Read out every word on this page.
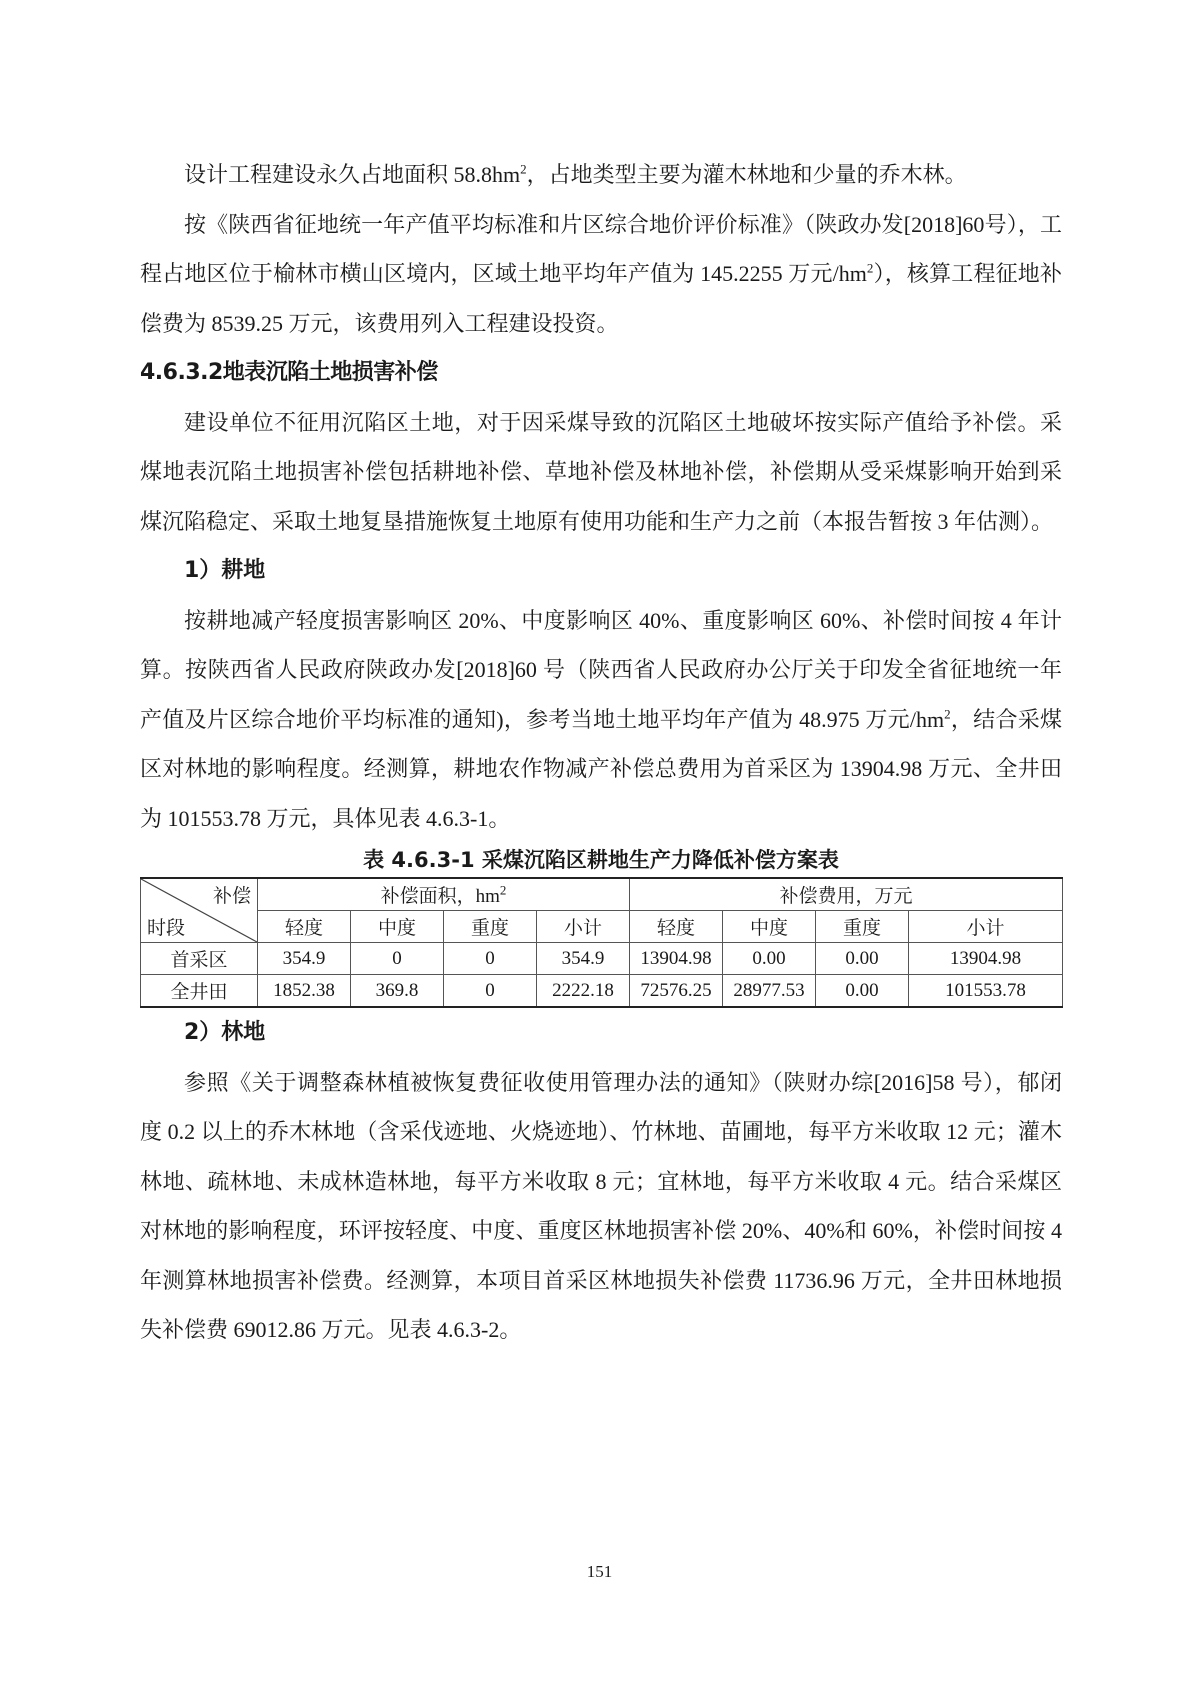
设计工程建设永久占地面积 $58.8hm^2$，占地类型主要为灌木林地和少量的乔木林。

按《陕西省征地统一年产值平均标准和片区综合地价评价标准》（陕政办发[2018]60号），工程占地区位于榆林市横山区境内，区域土地平均年产值为 145.2255 万元$/hm^2$），核算工程征地补偿费为 8539.25 万元，该费用列入工程建设投资。

4.6.3.2地表沉陷土地损害补偿

建设单位不征用沉陷区土地，对于因采煤导致的沉陷区土地破坏按实际产值给予补偿。采煤地表沉陷土地损害补偿包括耕地补偿、草地补偿及林地补偿，补偿期从受采煤影响开始到采煤沉陷稳定、采取土地复垦措施恢复土地原有使用功能和生产力之前（本报告暂按 3 年估测）。

1）耕地

按耕地减产轻度损害影响区 20%、中度影响区 40%、重度影响区 60%、补偿时间按 4 年计算。按陕西省人民政府陕政办发[2018]60 号（陕西省人民政府办公厅关于印发全省征地统一年产值及片区综合地价平均标准的通知)，参考当地土地平均年产值为 48.975 万元$/hm^2$，结合采煤区对林地的影响程度。经测算，耕地农作物减产补偿总费用为首采区为 13904.98 万元、全井田为 101553.78 万元，具体见表 4.6.3-1。

表 4.6.3-1 采煤沉陷区耕地生产力降低补偿方案表

补偿
时段	补偿面积，$hm^2$				补偿费用，万元			
	轻度	中度	重度	小计	轻度	中度	重度	小计
首采区	354.9	0	0	354.9	13904.98	0.00	0.00	13904.98
全井田	1852.38	369.8	0	2222.18	72576.25	28977.53	0.00	101553.78

2）林地

参照《关于调整森林植被恢复费征收使用管理办法的通知》（陕财办综[2016]58 号），郁闭度 0.2 以上的乔木林地（含采伐迹地、火烧迹地）、竹林地、苗圃地，每平方米收取 12 元；灌木林地、疏林地、未成林造林地，每平方米收取 8 元；宜林地，每平方米收取 4 元。结合采煤区对林地的影响程度，环评按轻度、中度、重度区林地损害补偿 20%、40%和 60%，补偿时间按 4 年测算林地损害补偿费。经测算，本项目首采区林地损失补偿费 11736.96 万元，全井田林地损失补偿费 69012.86 万元。见表 4.6.3-2。

151
